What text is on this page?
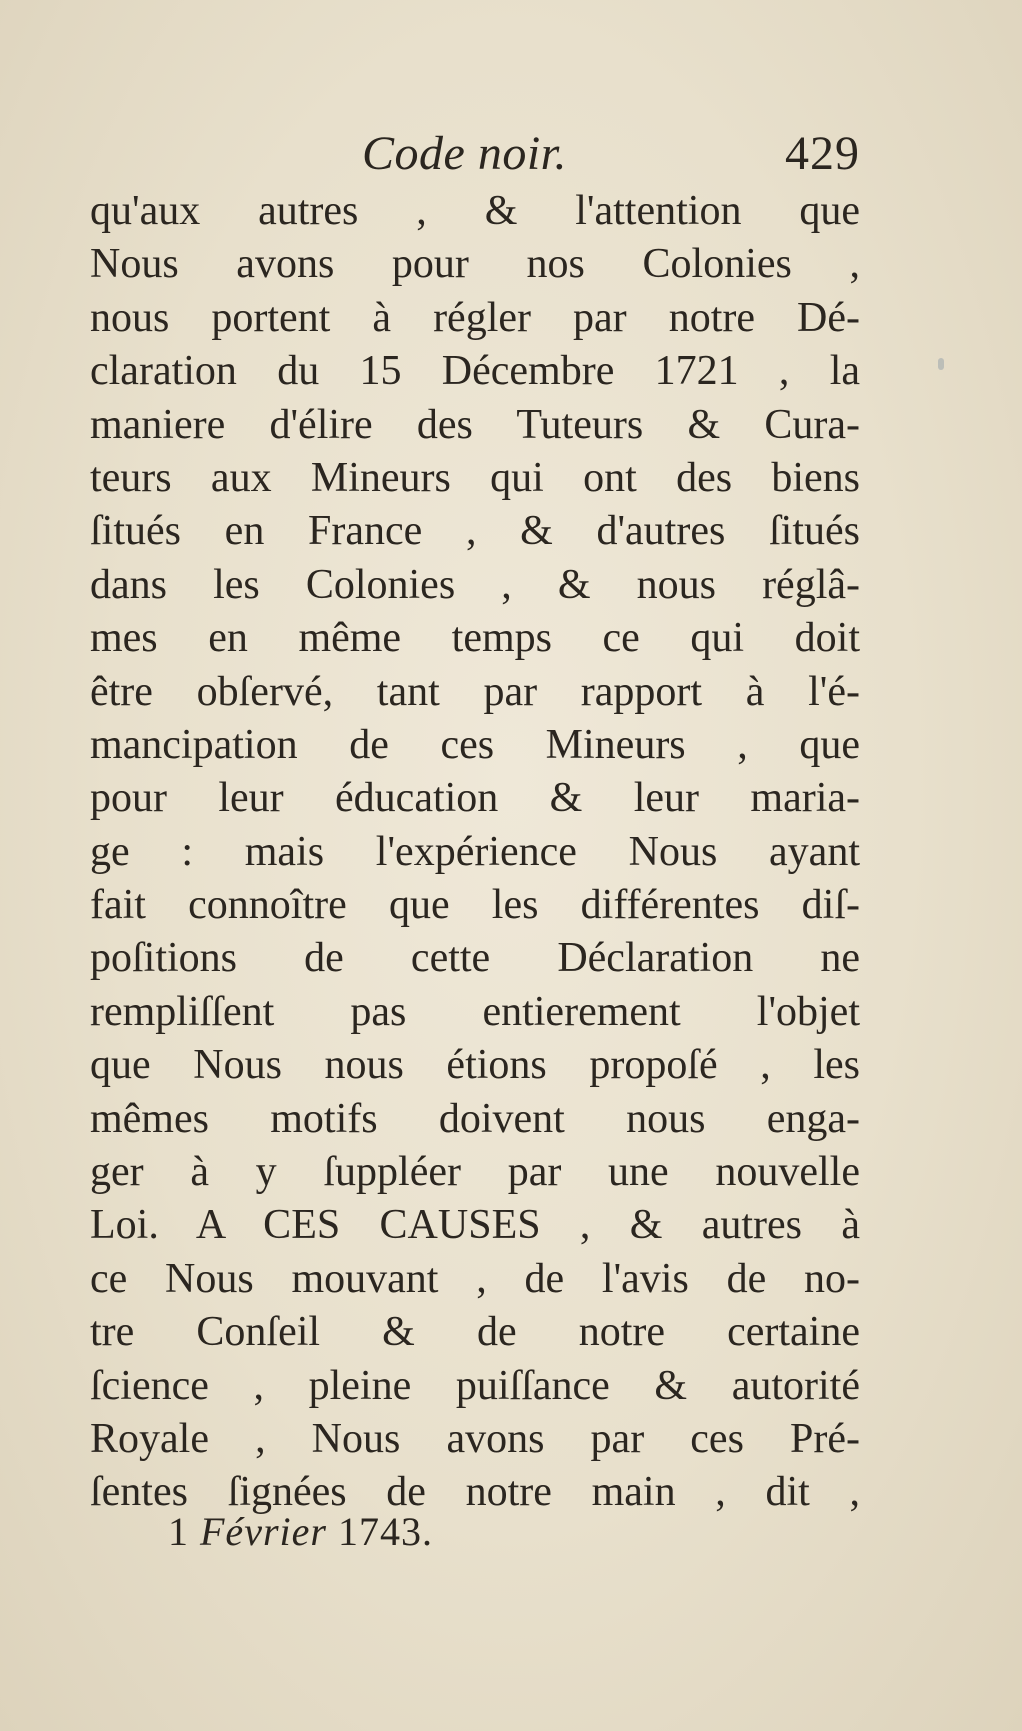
Code noir.	429
qu'aux autres , & l'attention que
Nous avons pour nos Colonies ,
nous portent à régler par notre Dé-
claration du 15 Décembre 1721 , la
maniere d'élire des Tuteurs & Cura-
teurs aux Mineurs qui ont des biens
ſitués en France , & d'autres ſitués
dans les Colonies , & nous réglâ-
mes en même temps ce qui doit
être obſervé, tant par rapport à l'é-
mancipation de ces Mineurs , que
pour leur éducation & leur maria-
ge : mais l'expérience Nous ayant
fait connoître que les différentes diſ-
poſitions de cette Déclaration ne
rempliſſent pas entierement l'objet
que Nous nous étions propoſé , les
mêmes motifs doivent nous enga-
ger à y ſuppléer par une nouvelle
Loi. A CES CAUSES , & autres à
ce Nous mouvant , de l'avis de no-
tre Conſeil & de notre certaine
ſcience , pleine puiſſance & autorité
Royale , Nous avons par ces Pré-
ſentes ſignées de notre main , dit ,
1 Février 1743.
